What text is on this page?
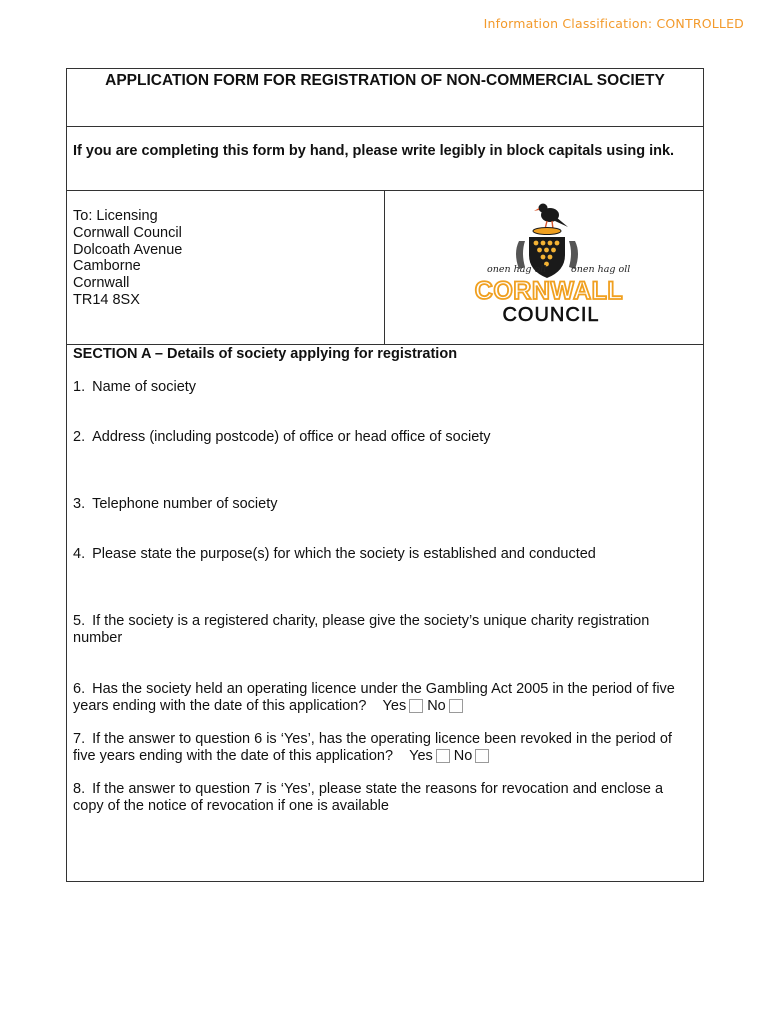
Information Classification: CONTROLLED
APPLICATION FORM FOR REGISTRATION OF NON-COMMERCIAL SOCIETY
If you are completing this form by hand, please write legibly in block capitals using ink.
To: Licensing
Cornwall Council
Dolcoath Avenue
Camborne
Cornwall
TR14 8SX
onen hag oll	onen hag oll
CORNWALL
COUNCIL
SECTION A – Details of society applying for registration
1. Name of society
2. Address (including postcode) of office or head office of society
3. Telephone number of society
4. Please state the purpose(s) for which the society is established and conducted
5. If the society is a registered charity, please give the society’s unique charity registration number
6. Has the society held an operating licence under the Gambling Act 2005 in the period of five years ending with the date of this application? Yes No
7. If the answer to question 6 is ‘Yes’, has the operating licence been revoked in the period of five years ending with the date of this application? Yes No
8. If the answer to question 7 is ‘Yes’, please state the reasons for revocation and enclose a copy of the notice of revocation if one is available
